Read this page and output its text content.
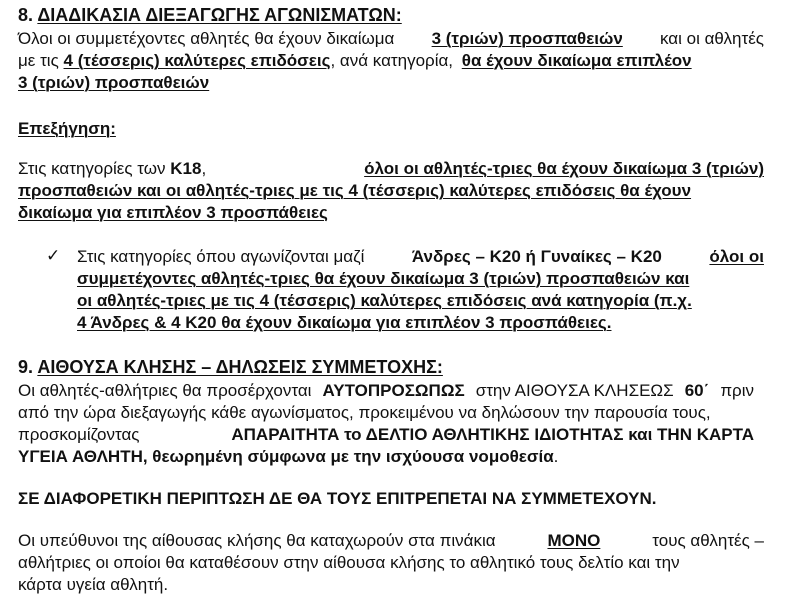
8. ΔΙΑΔΙΚΑΣΙΑ ΔΙΕΞΑΓΩΓΗΣ ΑΓΩΝΙΣΜΑΤΩΝ:
Όλοι οι συμμετέχοντες αθλητές θα έχουν δικαίωμα 3 (τριών) προσπαθειών και οι αθλητές
με τις 4 (τέσσερις) καλύτερες επιδόσεις, ανά κατηγορία, θα έχουν δικαίωμα επιπλέον
3 (τριών) προσπαθειών
Επεξήγηση:
Στις κατηγορίες των Κ18,	όλοι οι αθλητές-τριες θα έχουν δικαίωμα 3 (τριών)
προσπαθειών και οι αθλητές-τριες με τις 4 (τέσσερις) καλύτερες επιδόσεις θα έχουν
δικαίωμα για επιπλέον 3 προσπάθειες
✓ Στις κατηγορίες όπου αγωνίζονται μαζί	Άνδρες – Κ20 ή Γυναίκες – Κ20	όλοι οι
συμμετέχοντες αθλητές-τριες θα έχουν δικαίωμα 3 (τριών) προσπαθειών και
οι αθλητές-τριες με τις 4 (τέσσερις) καλύτερες επιδόσεις ανά κατηγορία (π.χ.
4 Άνδρες & 4 Κ20 θα έχουν δικαίωμα για επιπλέον 3 προσπάθειες.
9. ΑΙΘΟΥΣΑ ΚΛΗΣΗΣ – ΔΗΛΩΣΕΙΣ ΣΥΜΜΕΤΟΧΗΣ:
Οι αθλητές-αθλήτριες θα προσέρχονται ΑΥΤΟΠΡΟΣΩΠΩΣ στην ΑΙΘΟΥΣΑ ΚΛΗΣΕΩΣ 60΄ πριν
από την ώρα διεξαγωγής κάθε αγωνίσματος, προκειμένου να δηλώσουν την παρουσία τους,
προσκομίζοντας	ΑΠΑΡΑΙΤΗΤΑ το ΔΕΛΤΙΟ ΑΘΛΗΤΙΚΗΣ ΙΔΙΟΤΗΤΑΣ και ΤΗΝ ΚΑΡΤΑ
ΥΓΕΙΑ ΑΘΛΗΤΗ, θεωρημένη σύμφωνα με την ισχύουσα νομοθεσία.
ΣΕ ΔΙΑΦΟΡΕΤΙΚΗ ΠΕΡΙΠΤΩΣΗ ΔΕ ΘΑ ΤΟΥΣ ΕΠΙΤΡΕΠΕΤΑΙ ΝΑ ΣΥΜΜΕΤΕΧΟΥΝ.
Οι υπεύθυνοι της αίθουσας κλήσης θα καταχωρούν στα πινάκια	ΜΟΝΟ	τους αθλητές –
αθλήτριες οι οποίοι θα καταθέσουν στην αίθουσα κλήσης το αθλητικό τους δελτίο και την
κάρτα υγεία αθλητή.
